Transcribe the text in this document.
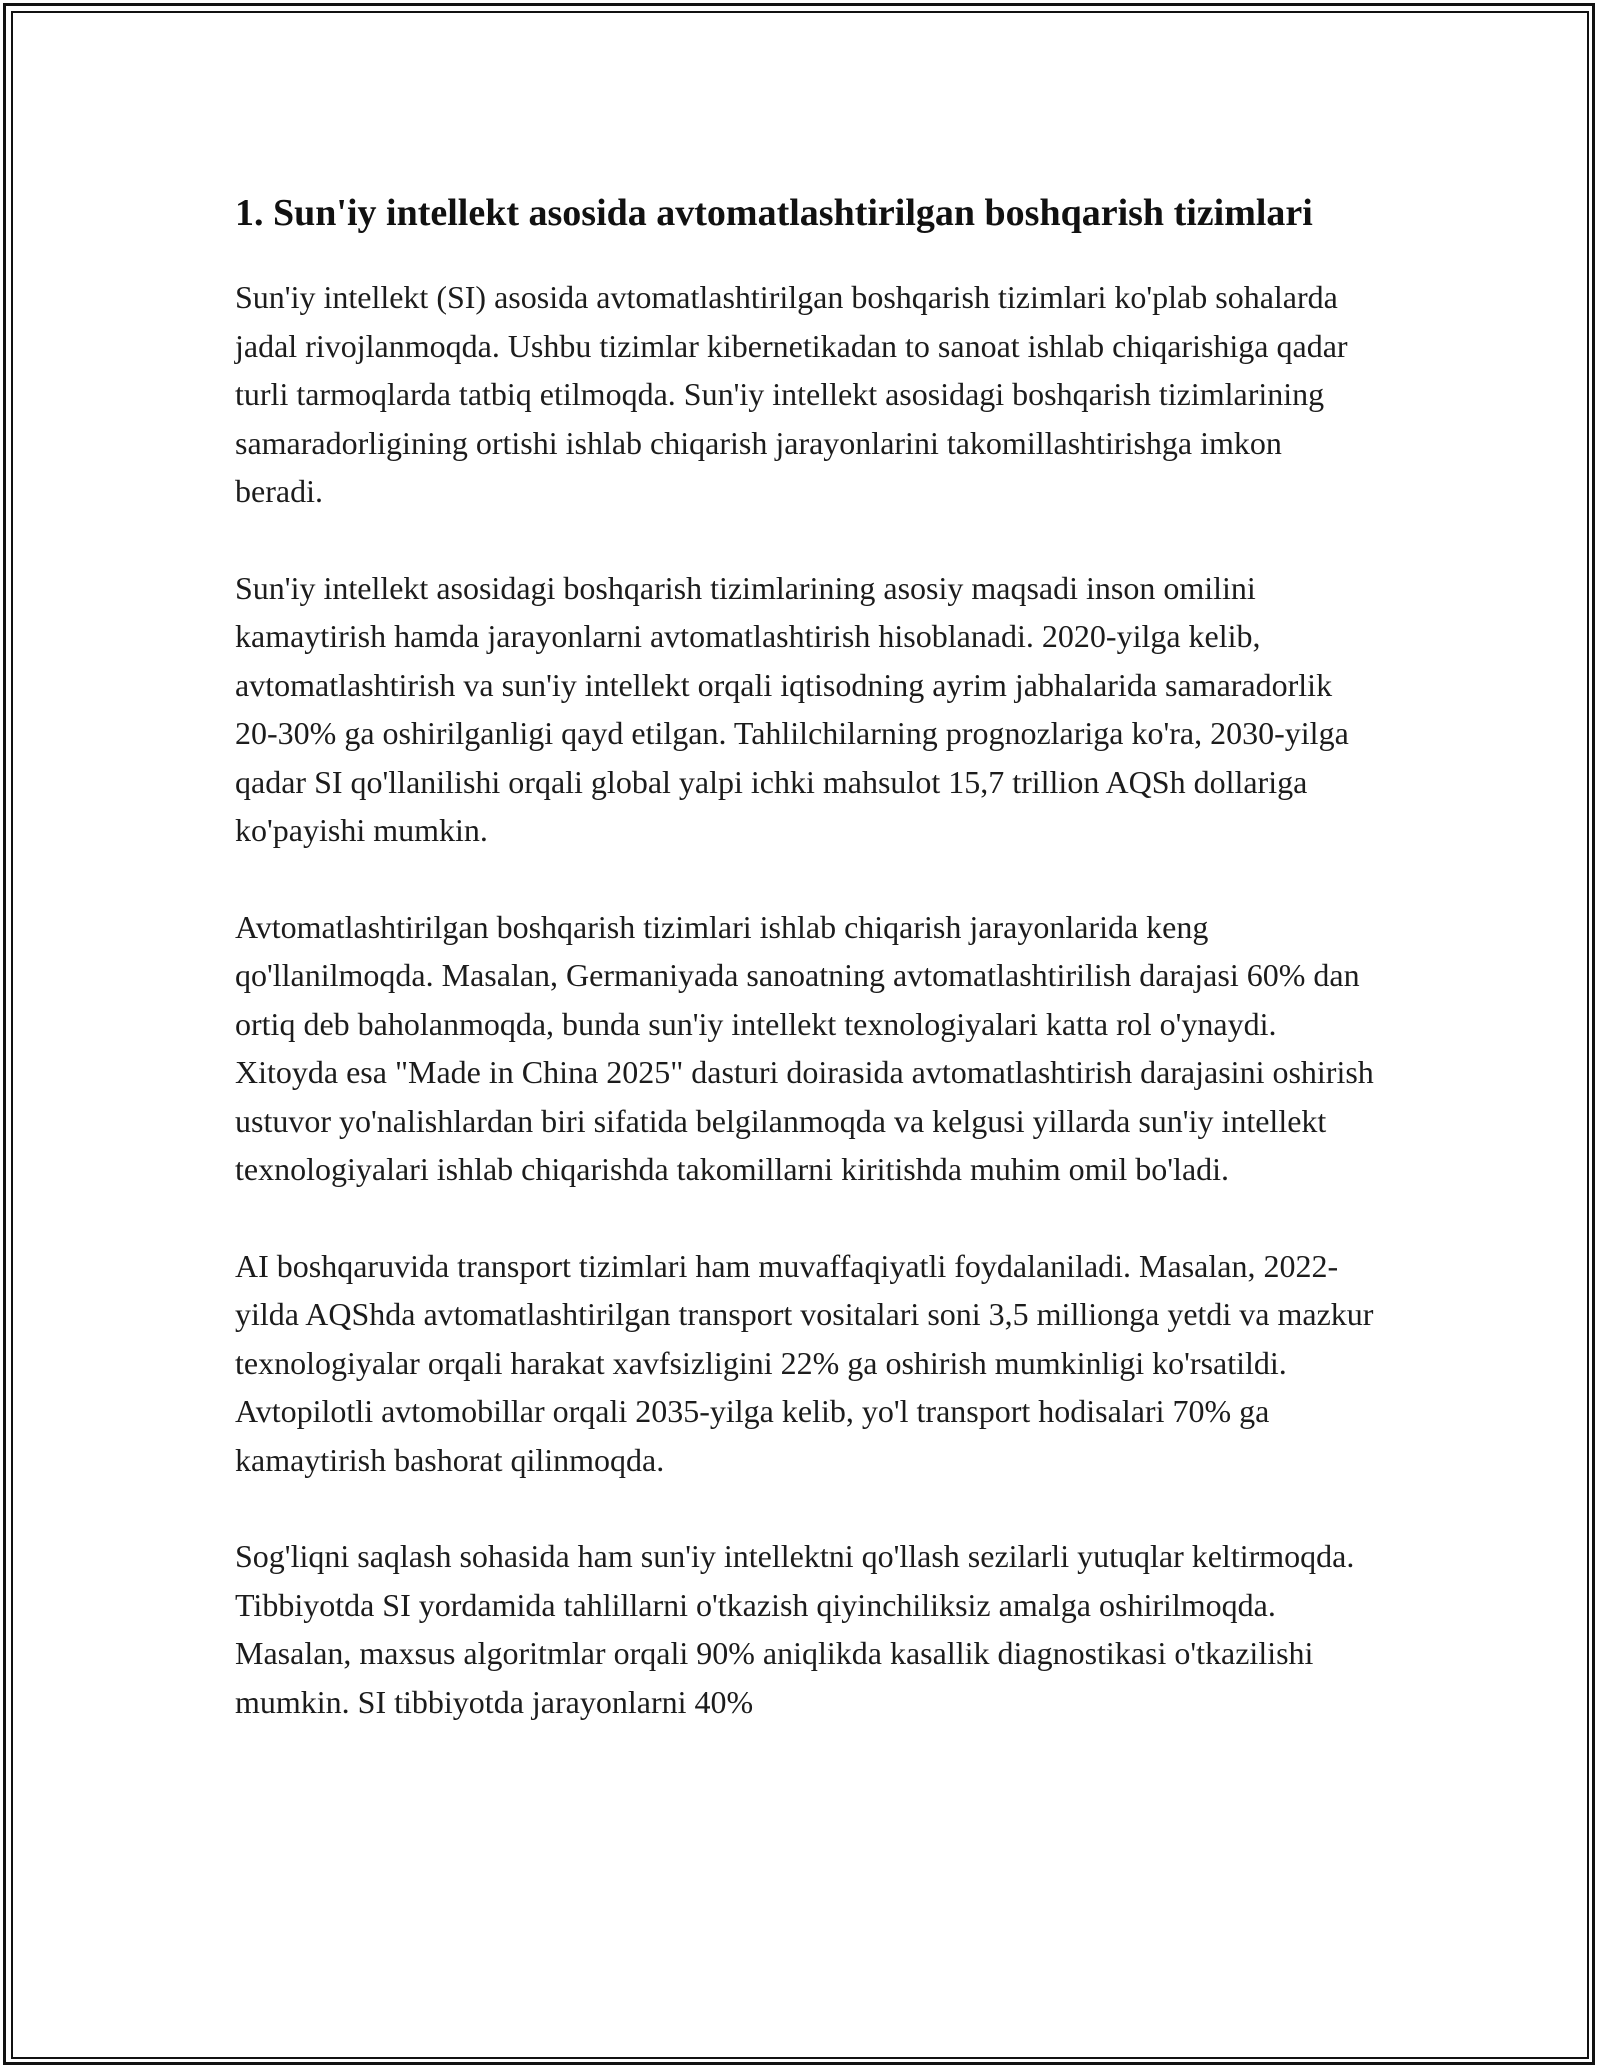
1. Sun'iy intellekt asosida avtomatlashtirilgan boshqarish tizimlari

Sun'iy intellekt (SI) asosida avtomatlashtirilgan boshqarish tizimlari ko'plab sohalarda jadal rivojlanmoqda. Ushbu tizimlar kibernetikadan to sanoat ishlab chiqarishiga qadar turli tarmoqlarda tatbiq etilmoqda. Sun'iy intellekt asosidagi boshqarish tizimlarining samaradorligining ortishi ishlab chiqarish jarayonlarini takomillashtirishga imkon beradi.

Sun'iy intellekt asosidagi boshqarish tizimlarining asosiy maqsadi inson omilini kamaytirish hamda jarayonlarni avtomatlashtirish hisoblanadi. 2020-yilga kelib, avtomatlashtirish va sun'iy intellekt orqali iqtisodning ayrim jabhalarida samaradorlik 20-30% ga oshirilganligi qayd etilgan. Tahlilchilarning prognozlariga ko'ra, 2030-yilga qadar SI qo'llanilishi orqali global yalpi ichki mahsulot 15,7 trillion AQSh dollariga ko'payishi mumkin.

Avtomatlashtirilgan boshqarish tizimlari ishlab chiqarish jarayonlarida keng qo'llanilmoqda. Masalan, Germaniyada sanoatning avtomatlashtirilish darajasi 60% dan ortiq deb baholanmoqda, bunda sun'iy intellekt texnologiyalari katta rol o'ynaydi. Xitoyda esa "Made in China 2025" dasturi doirasida avtomatlashtirish darajasini oshirish ustuvor yo'nalishlardan biri sifatida belgilanmoqda va kelgusi yillarda sun'iy intellekt texnologiyalari ishlab chiqarishda takomillarni kiritishda muhim omil bo'ladi.

AI boshqaruvida transport tizimlari ham muvaffaqiyatli foydalaniladi. Masalan, 2022-yilda AQShda avtomatlashtirilgan transport vositalari soni 3,5 millionga yetdi va mazkur texnologiyalar orqali harakat xavfsizligini 22% ga oshirish mumkinligi ko'rsatildi. Avtopilotli avtomobillar orqali 2035-yilga kelib, yo'l transport hodisalari 70% ga kamaytirish bashorat qilinmoqda.

Sog'liqni saqlash sohasida ham sun'iy intellektni qo'llash sezilarli yutuqlar keltirmoqda. Tibbiyotda SI yordamida tahlillarni o'tkazish qiyinchiliksiz amalga oshirilmoqda. Masalan, maxsus algoritmlar orqali 90% aniqlikda kasallik diagnostikasi o'tkazilishi mumkin. SI tibbiyotda jarayonlarni 40%
